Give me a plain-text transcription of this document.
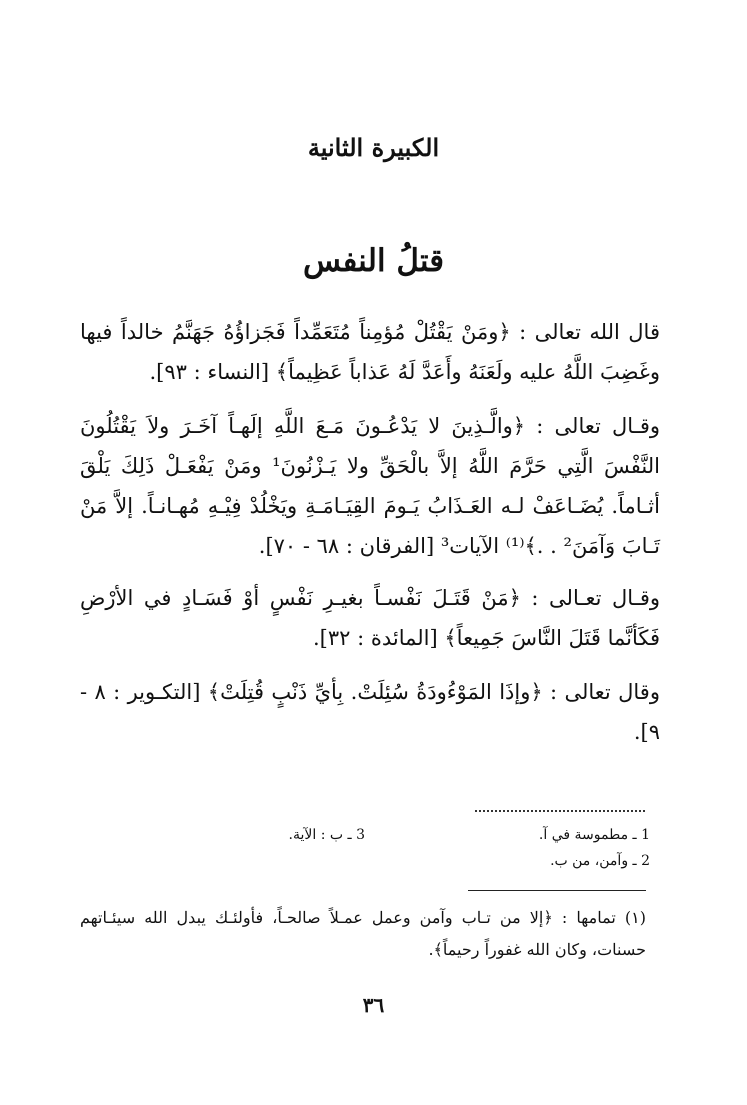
الكبيرة الثانية
قتلُ النفس

قال الله تعالى : ﴿ومَنْ يَقْتُلْ مُؤمِناً مُتَعَمِّداً فَجَزاؤُهُ جَهَنَّمُ خالداً فيها وغَضِبَ اللَّهُ عليه ولَعَنَهُ وأَعَدَّ لَهُ عَذاباً عَظِيماً﴾ [النساء : ٩٣].

وقـال تعالى : ﴿والَّـذِينَ لا يَدْعُـونَ مَـعَ اللَّهِ إلَهـاً آخَـرَ ولاَ يَقْتُلُونَ النَّفْسَ الَّتِي حَرَّمَ اللَّهُ إلاَّ بالْحَقِّ ولا يَـزْنُونَ¹ ومَنْ يَفْعَـلْ ذَلِكَ يَلْقَ أثـاماً. يُضَـاعَفْ لـه العَـذَابُ يَـومَ القِيَـامَـةِ ويَخْلُدْ فِيْـهِ مُهـانـاً. إلاَّ مَنْ تَـابَ وَآمَنَ² . .﴾⁽¹⁾ الآيات³ [الفرقان : ٦٨ - ٧٠].

وقـال تعـالى : ﴿مَنْ قَتَـلَ نَفْسـاً بغيـرِ نَفْسٍ أوْ فَسَـادٍ في الأرْضِ فَكَأنَّما قَتَلَ النَّاسَ جَمِيعاً﴾ [المائدة : ٣٢].

وقال تعالى : ﴿وإذَا المَوْءُودَةُ سُئِلَتْ. بِأيِّ ذَنْبٍ قُتِلَتْ﴾ [التكـوير : ٨ - ٩].

1 ـ مطموسة في آ.
3 ـ ب : الآية.
2 ـ وآمن، من ب.
(١) تمامها : ﴿إلا من تـاب وآمن وعمل عمـلاً صالحـاً، فأولئـك يبدل الله سيئـاتهم حسنات، وكان الله غفوراً رحيماً﴾.
٣٦
